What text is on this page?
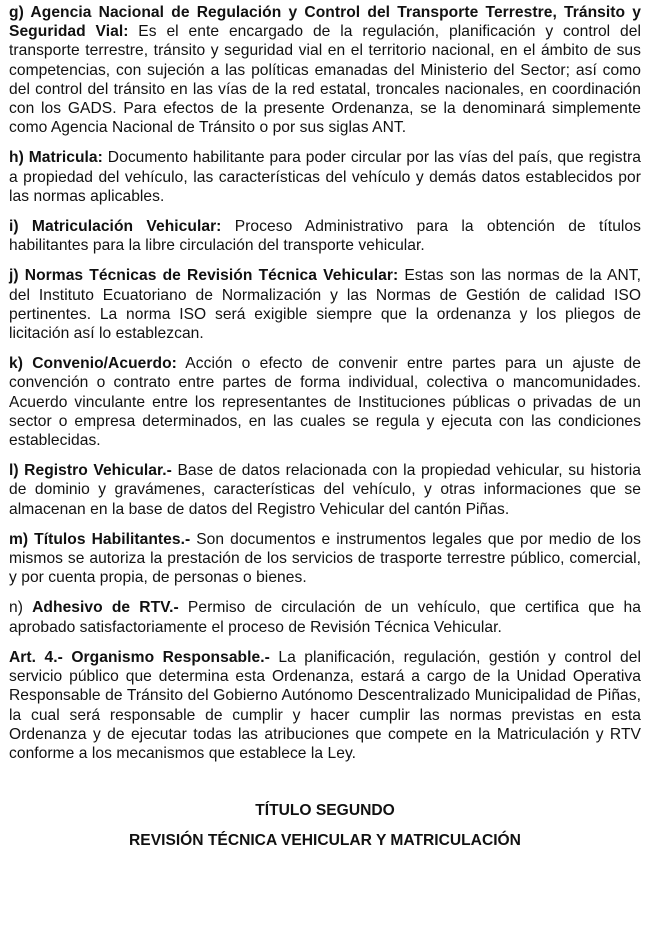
g) Agencia Nacional de Regulación y Control del Transporte Terrestre, Tránsito y Seguridad Vial: Es el ente encargado de la regulación, planificación y control del transporte terrestre, tránsito y seguridad vial en el territorio nacional, en el ámbito de sus competencias, con sujeción a las políticas emanadas del Ministerio del Sector; así como del control del tránsito en las vías de la red estatal, troncales nacionales, en coordinación con los GADS. Para efectos de la presente Ordenanza, se la denominará simplemente como Agencia Nacional de Tránsito o por sus siglas ANT.

h) Matricula: Documento habilitante para poder circular por las vías del país, que registra a propiedad del vehículo, las características del vehículo y demás datos establecidos por las normas aplicables.

i) Matriculación Vehicular: Proceso Administrativo para la obtención de títulos habilitantes para la libre circulación del transporte vehicular.

j) Normas Técnicas de Revisión Técnica Vehicular: Estas son las normas de la ANT, del Instituto Ecuatoriano de Normalización y las Normas de Gestión de calidad ISO pertinentes. La norma ISO será exigible siempre que la ordenanza y los pliegos de licitación así lo establezcan.

k) Convenio/Acuerdo: Acción o efecto de convenir entre partes para un ajuste de convención o contrato entre partes de forma individual, colectiva o mancomunidades. Acuerdo vinculante entre los representantes de Instituciones públicas o privadas de un sector o empresa determinados, en las cuales se regula y ejecuta con las condiciones establecidas.

l) Registro Vehicular.- Base de datos relacionada con la propiedad vehicular, su historia de dominio y gravámenes, características del vehículo, y otras informaciones que se almacenan en la base de datos del Registro Vehicular del cantón Piñas.

m) Títulos Habilitantes.- Son documentos e instrumentos legales que por medio de los mismos se autoriza la prestación de los servicios de trasporte terrestre público, comercial, y por cuenta propia, de personas o bienes.

n) Adhesivo de RTV.- Permiso de circulación de un vehículo, que certifica que ha aprobado satisfactoriamente el proceso de Revisión Técnica Vehicular.

Art. 4.- Organismo Responsable.- La planificación, regulación, gestión y control del servicio público que determina esta Ordenanza, estará a cargo de la Unidad Operativa Responsable de Tránsito del Gobierno Autónomo Descentralizado Municipalidad de Piñas, la cual será responsable de cumplir y hacer cumplir las normas previstas en esta Ordenanza y de ejecutar todas las atribuciones que compete en la Matriculación y RTV conforme a los mecanismos que establece la Ley.

TÍTULO SEGUNDO

REVISIÓN TÉCNICA VEHICULAR Y MATRICULACIÓN
